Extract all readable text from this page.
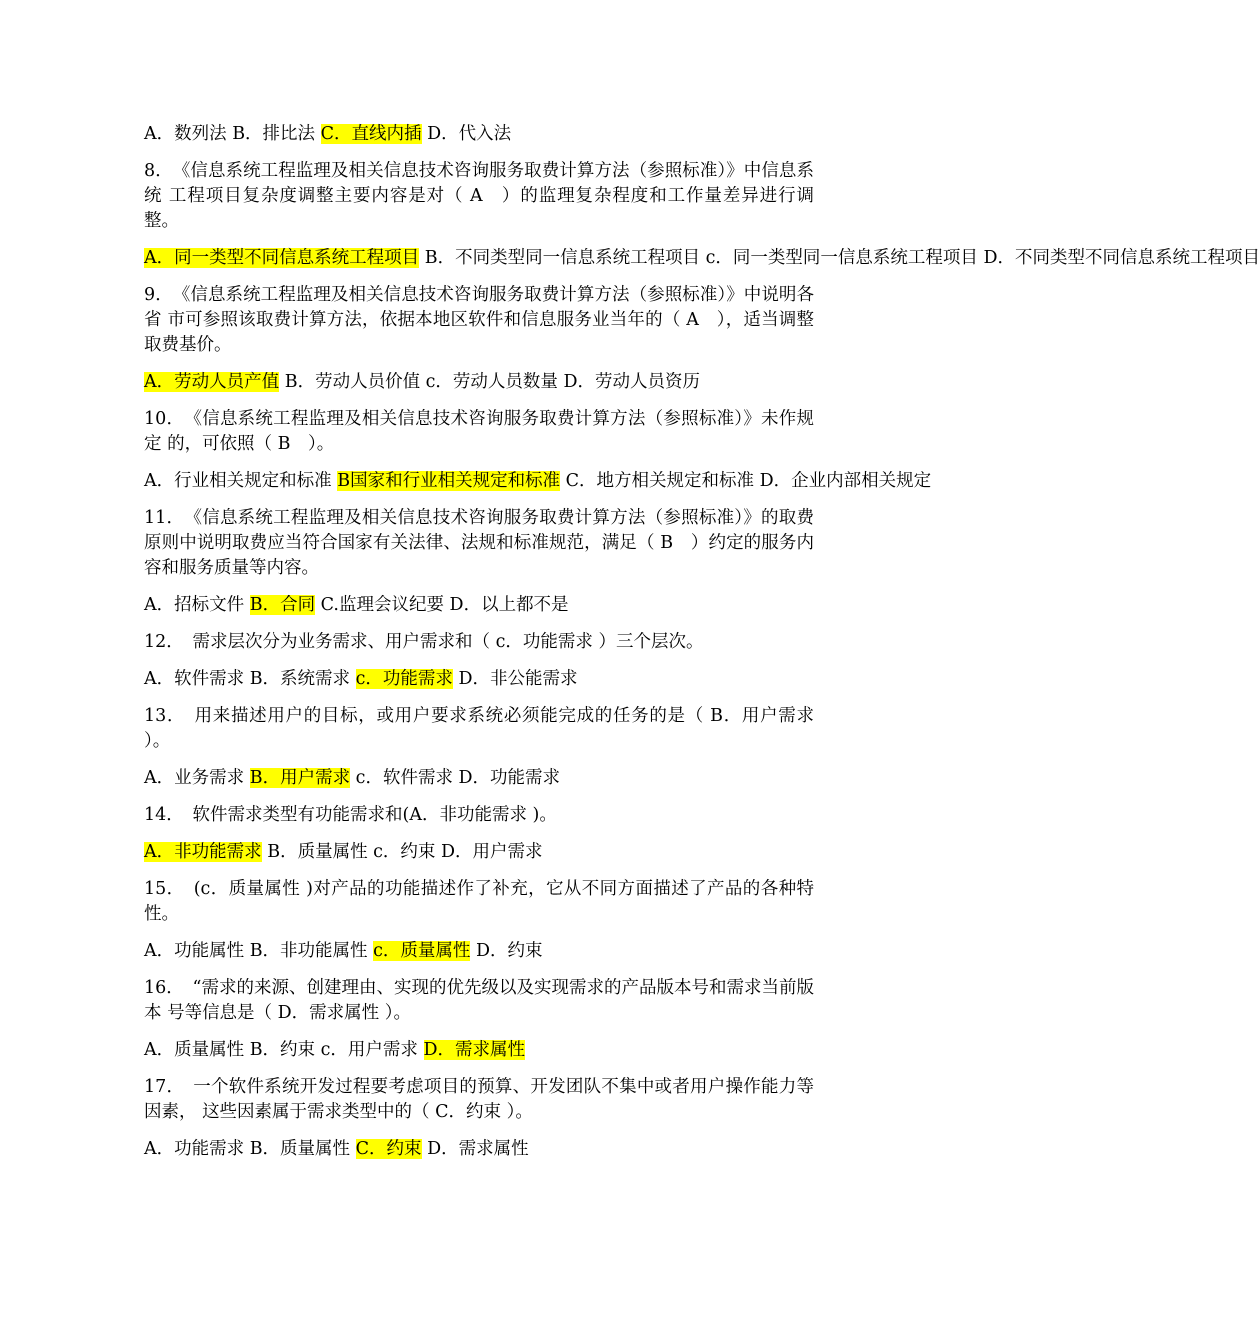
A．数列法 B．排比法 C．直线内插 D．代入法

8．　《信息系统工程监理及相关信息技术咨询服务取费计算方法（参照标准）》中信息系统 工程项目复杂度调整主要内容是对（ A　）的监理复杂程度和工作量差异进行调整。

A．同一类型不同信息系统工程项目 B．不同类型同一信息系统工程项目 c．同一类型同一信息系统工程项目 D．不同类型不同信息系统工程项目

9．　《信息系统工程监理及相关信息技术咨询服务取费计算方法（参照标准）》中说明各省 市可参照该取费计算方法，依据本地区软件和信息服务业当年的（ A　），适当调整取费基价。

A．劳动人员产值 B．劳动人员价值 c．劳动人员数量 D．劳动人员资历

10．　《信息系统工程监理及相关信息技术咨询服务取费计算方法（参照标准）》未作规定 的，可依照（ B　）。

A．行业相关规定和标准 B国家和行业相关规定和标准 C．地方相关规定和标准 D．企业内部相关规定

11．　《信息系统工程监理及相关信息技术咨询服务取费计算方法（参照标准）》的取费原则中说明取费应当符合国家有关法律、法规和标准规范，满足（ B　）约定的服务内容和服务质量等内容。

A．招标文件 B．合同 C.监理会议纪要 D．以上都不是

12．　需求层次分为业务需求、用户需求和（ c．功能需求 ）三个层次。

A．软件需求 B．系统需求 c．功能需求 D．非公能需求

13．　用来描述用户的目标，或用户要求系统必须能完成的任务的是（ B．用户需求 ）。

A．业务需求 B．用户需求 c．软件需求 D．功能需求

14．　软件需求类型有功能需求和(A．非功能需求 )。

A．非功能需求 B．质量属性 c．约束 D．用户需求

15．　(c．质量属性 )对产品的功能描述作了补充，它从不同方面描述了产品的各种特性。

A．功能属性 B．非功能属性 c．质量属性 D．约束

16．　“需求的来源、创建理由、实现的优先级以及实现需求的产品版本号和需求当前版本 号等信息是（ D．需求属性 ）。

A．质量属性 B．约束 c．用户需求 D．需求属性

17．　一个软件系统开发过程要考虑项目的预算、开发团队不集中或者用户操作能力等因素， 这些因素属于需求类型中的（ C．约束 ）。

A．功能需求 B．质量属性 C．约束 D．需求属性
